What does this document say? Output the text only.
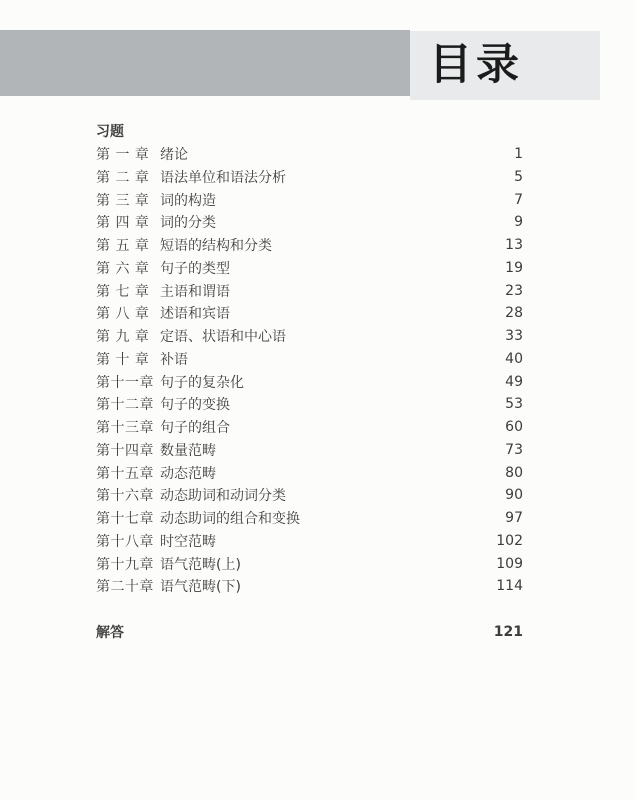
目录
习题
第 一 章 绪论	1
第 二 章 语法单位和语法分析	5
第 三 章 词的构造	7
第 四 章 词的分类	9
第 五 章 短语的结构和分类	13
第 六 章 句子的类型	19
第 七 章 主语和谓语	23
第 八 章 述语和宾语	28
第 九 章 定语、状语和中心语	33
第 十 章 补语	40
第十一章 句子的复杂化	49
第十二章 句子的变换	53
第十三章 句子的组合	60
第十四章 数量范畴	73
第十五章 动态范畴	80
第十六章 动态助词和动词分类	90
第十七章 动态助词的组合和变换	97
第十八章 时空范畴	102
第十九章 语气范畴(上)	109
第二十章 语气范畴(下)	114
解答	121
